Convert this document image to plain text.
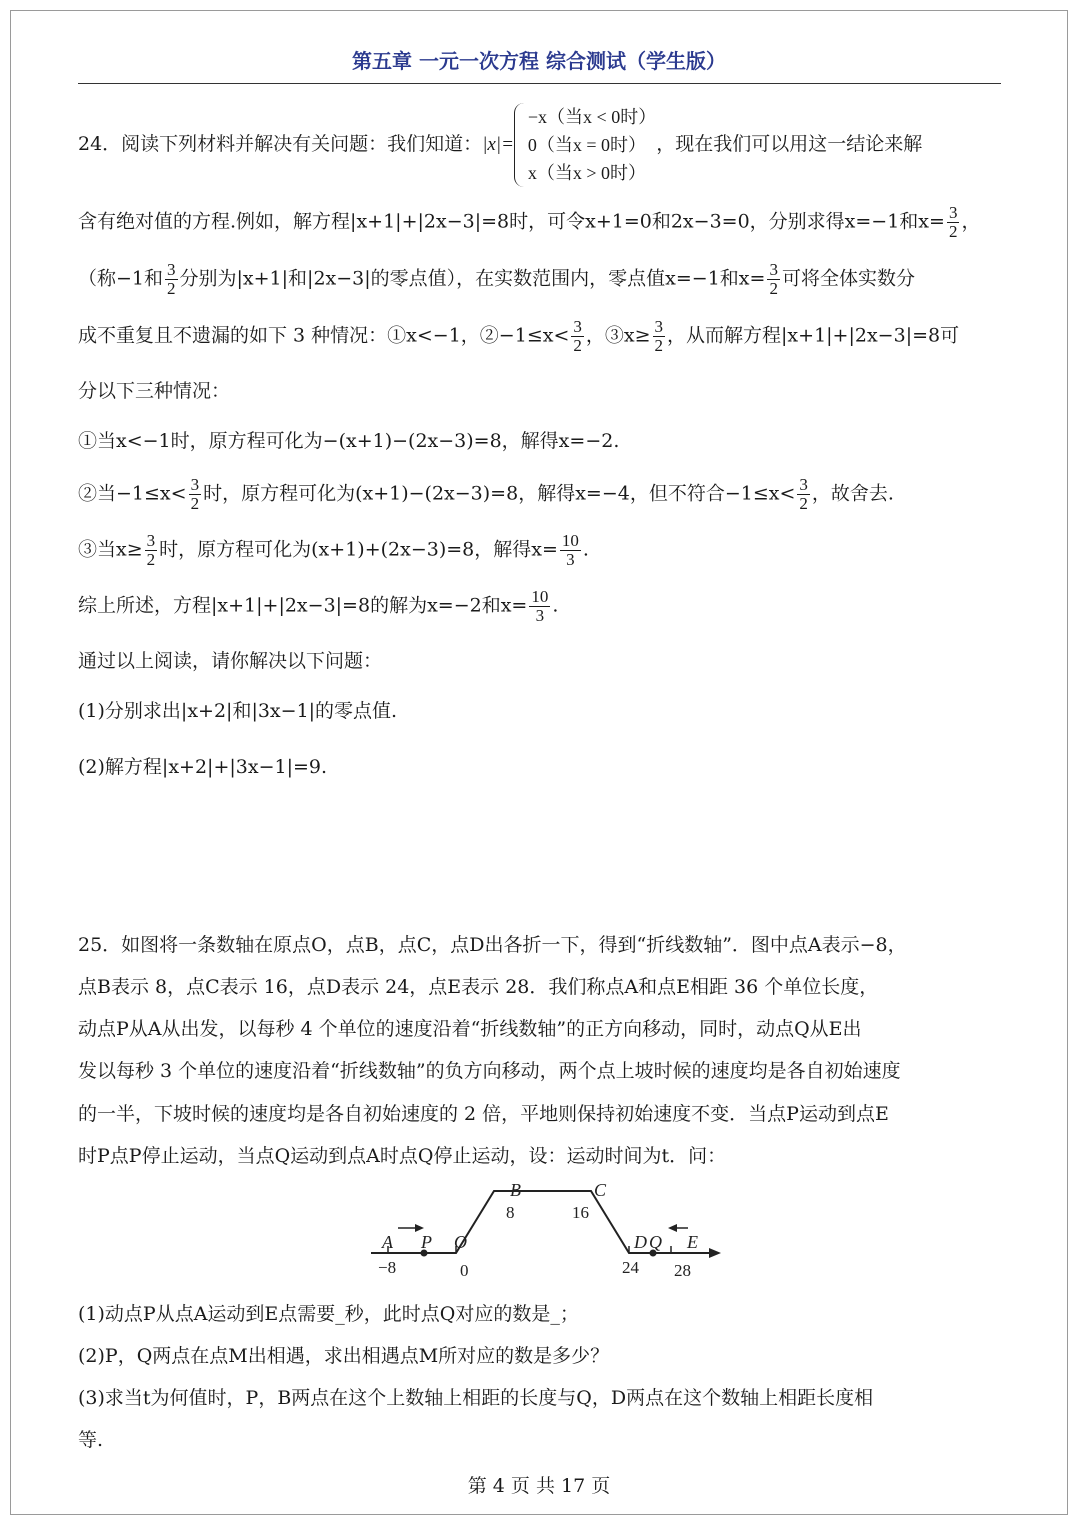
第五章 一元一次方程 综合测试（学生版）
24．阅读下列材料并解决有关问题：我们知道：|x|=
−x（当x < 0时）
0（当x = 0时）
x（当x > 0时）
，现在我们可以用这一结论来解
含有绝对值的方程.例如，解方程|x+1|+|2x−3|=8时，可令x+1=0和2x−3=0，分别求得x=−1和$x= \frac{3}{2}$ ，
（称−1和 $\frac{3}{2}$ 分别为|x+1|和|2x−3|的零点值），在实数范围内，零点值x=−1和$x= \frac{3}{2}$ 可将全体实数分
成不重复且不遗漏的如下 3 种情况：①x<−1，②−1≤x< $\frac{3}{2}$ ，③x≥ $\frac{3}{2}$ ，从而解方程|x+1|+|2x−3|=8可
分以下三种情况：
①当x<−1时，原方程可化为−(x+1)−(2x−3)=8，解得x=−2.
②当$-1\le x< \frac{3}{2}$ 时，原方程可化为(x+1)−(2x−3)=8，解得x=−4，但不符合$-1\le x< \frac{3}{2}$ ，故舍去.
③当$x\ge \frac{3}{2}$ 时，原方程可化为(x+1)+(2x−3)=8，解得$x= \frac{10}{3}$ .
综上所述，方程|x+1|+|2x−3|=8的解为x=−2和$x= \frac{10}{3}$ .
通过以上阅读，请你解决以下问题：
(1)分别求出|x+2|和|3x−1|的零点值.
(2)解方程|x+2|+|3x−1|=9.
25．如图将一条数轴在原点O，点B，点C，点D出各折一下，得到“折线数轴”．图中点A表示−8，
点B表示 8，点C表示 16，点D表示 24，点E表示 28．我们称点A和点E相距 36 个单位长度，
动点P从A从出发，以每秒 4 个单位的速度沿着“折线数轴”的正方向移动，同时，动点Q从E出
发以每秒 3 个单位的速度沿着“折线数轴”的负方向移动，两个点上坡时候的速度均是各自初始速度
的一半，下坡时候的速度均是各自初始速度的 2 倍，平地则保持初始速度不变．当点P运动到点E
时P点P停止运动，当点Q运动到点A时点Q停止运动，设：运动时间为t．问：
A P O
B	C
D Q E
−8	0
8	16
24 28
(1)动点P从点A运动到E点需要_秒，此时点Q对应的数是_；
(2)P，Q两点在点M出相遇，求出相遇点M所对应的数是多少？
(3)求当t为何值时，P，B两点在这个上数轴上相距的长度与Q，D两点在这个数轴上相距长度相
等.
第 4 页 共 17 页
